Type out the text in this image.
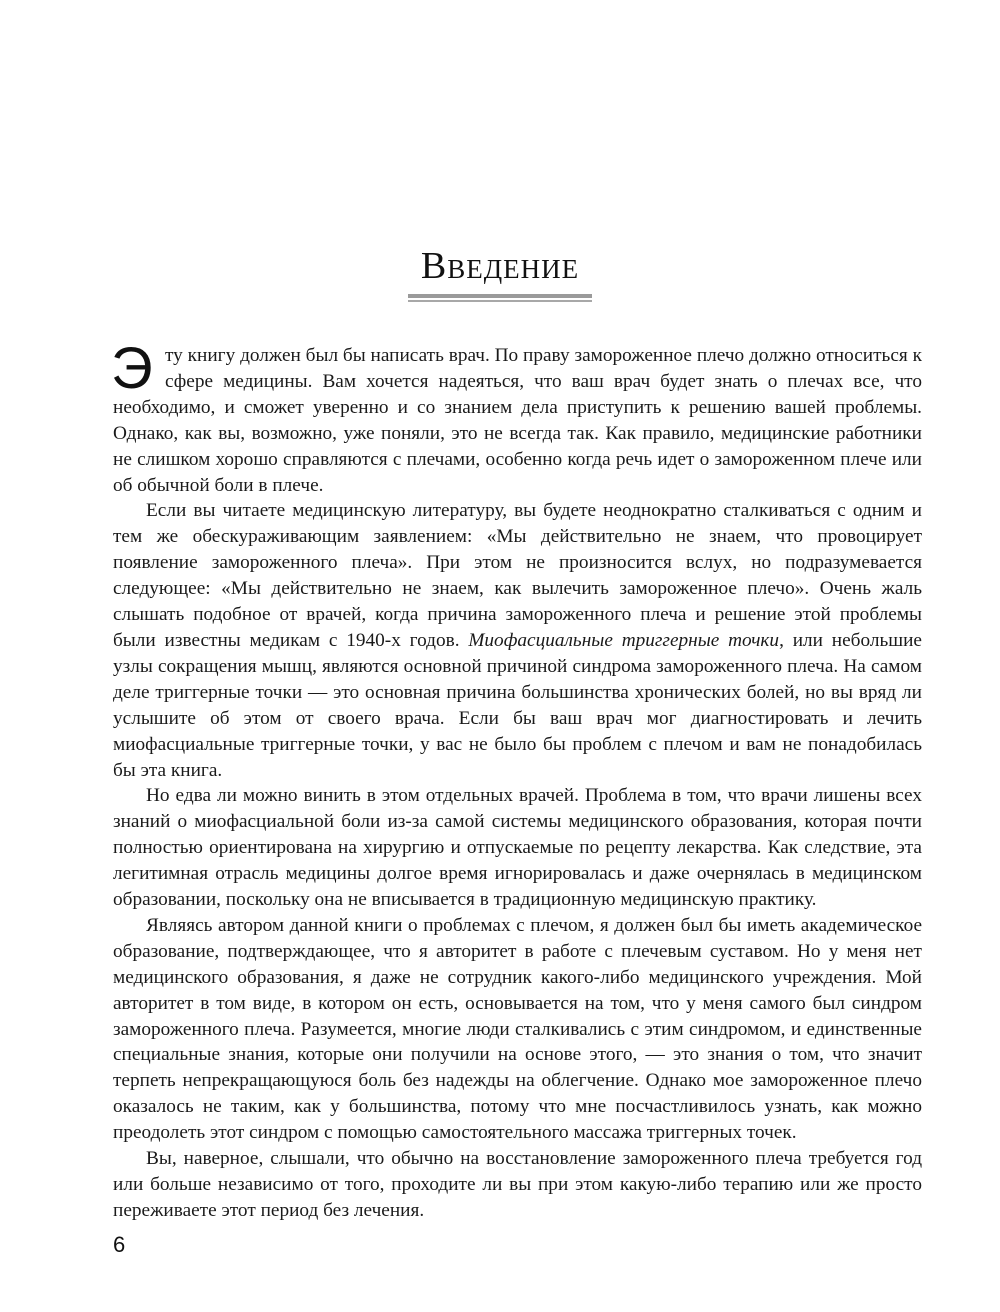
Введение

Э ту книгу должен был бы написать врач. По праву замороженное плечо должно относиться к сфере медицины. Вам хочется надеяться, что ваш врач будет знать о плечах все, что необходимо, и сможет уверенно и со знанием дела приступить к решению вашей проблемы. Однако, как вы, возможно, уже поняли, это не всегда так. Как правило, медицинские работники не слишком хорошо справляются с плечами, особенно когда речь идет о замороженном плече или об обычной боли в плече.

Если вы читаете медицинскую литературу, вы будете неоднократно сталкиваться с одним и тем же обескураживающим заявлением: «Мы действительно не знаем, что провоцирует появление замороженного плеча». При этом не произносится вслух, но подразумевается следующее: «Мы действительно не знаем, как вылечить замороженное плечо». Очень жаль слышать подобное от врачей, когда причина замороженного плеча и решение этой проблемы были известны медикам с 1940-х годов. Миофасциальные триггерные точки, или небольшие узлы сокращения мышц, являются основной причиной синдрома замороженного плеча. На самом деле триггерные точки — это основная причина большинства хронических болей, но вы вряд ли услышите об этом от своего врача. Если бы ваш врач мог диагностировать и лечить миофасциальные триггерные точки, у вас не было бы проблем с плечом и вам не понадобилась бы эта книга.

Но едва ли можно винить в этом отдельных врачей. Проблема в том, что врачи лишены всех знаний о миофасциальной боли из-за самой системы медицинского образования, которая почти полностью ориентирована на хирургию и отпускаемые по рецепту лекарства. Как следствие, эта легитимная отрасль медицины долгое время игнорировалась и даже очернялась в медицинском образовании, поскольку она не вписывается в традиционную медицинскую практику.

Являясь автором данной книги о проблемах с плечом, я должен был бы иметь академическое образование, подтверждающее, что я авторитет в работе с плечевым суставом. Но у меня нет медицинского образования, я даже не сотрудник какого-либо медицинского учреждения. Мой авторитет в том виде, в котором он есть, основывается на том, что у меня самого был синдром замороженного плеча. Разумеется, многие люди сталкивались с этим синдромом, и единственные специальные знания, которые они получили на основе этого, — это знания о том, что значит терпеть непрекращающуюся боль без надежды на облегчение. Однако мое замороженное плечо оказалось не таким, как у большинства, потому что мне посчастливилось узнать, как можно преодолеть этот синдром с помощью самостоятельного массажа триггерных точек.

Вы, наверное, слышали, что обычно на восстановление замороженного плеча требуется год или больше независимо от того, проходите ли вы при этом какую-либо терапию или же просто переживаете этот период без лечения.

6
